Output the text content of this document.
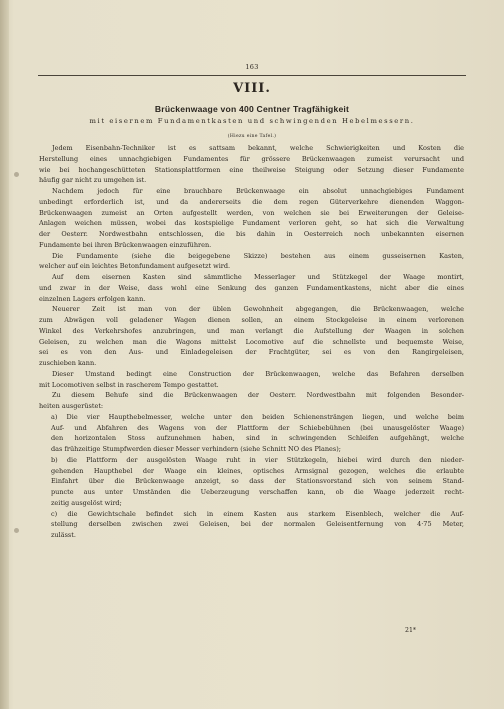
163
VIII.
Brückenwaage von 400 Centner Tragfähigkeit
mit eisernem Fundamentkasten und schwingenden Hebelmessern.
(Hiezu eine Tafel.)
Jedem Eisenbahn-Techniker ist es sattsam bekannt, welche Schwierigkeiten und Kosten die
Herstellung eines unnachgiebigen Fundamentes für grössere Brückenwaagen zumeist verursacht und
wie bei hochangeschütteten Stationsplattformen eine theilweise Steigung oder Setzung dieser Fundamente
häufig gar nicht zu umgehen ist.
Nachdem jedoch für eine brauchbare Brückenwaage ein absolut unnachgiebiges Fundament
unbedingt erforderlich ist, und da andererseits die dem regen Güterverkehre dienenden Waggon-
Brückenwaagen zumeist an Orten aufgestellt werden, von welchen sie bei Erweiterungen der Geleise-
Anlagen weichen müssen, wobei das kostspielige Fundament verloren geht, so hat sich die Verwaltung
der Oesterr. Nordwestbahn entschlossen, die bis dahin in Oesterreich noch unbekannten eisernen
Fundamente bei ihren Brückenwaagen einzuführen.
Die Fundamente (siehe die beigegebene Skizze) bestehen aus einem gusseisernen Kasten,
welcher auf ein leichtes Betonfundament aufgesetzt wird.
Auf dem eisernen Kasten sind sämmtliche Messerlager und Stützkegel der Waage montirt,
und zwar in der Weise, dass wohl eine Senkung des ganzen Fundamentkastens, nicht aber die eines
einzelnen Lagers erfolgen kann.
Neuerer Zeit ist man von der üblen Gewohnheit abgegangen, die Brückenwaagen, welche
zum Abwägen voll geladener Wagen dienen sollen, an einem Stockgeleise in einem verlorenen
Winkel des Verkehrshofes anzubringen, und man verlangt die Aufstellung der Waagen in solchen
Geleisen, zu welchen man die Wagons mittelst Locomotive auf die schnellste und bequemste Weise,
sei es von den Aus- und Einladegeleisen der Frachtgüter, sei es von den Rangirgeleisen,
zuschieben kann.
Dieser Umstand bedingt eine Construction der Brückenwaagen, welche das Befahren derselben
mit Locomotiven selbst in rascherem Tempo gestattet.
Zu diesem Behufe sind die Brückenwaagen der Oesterr. Nordwestbahn mit folgenden Besonder-
heiten ausgerüstet:
a) Die vier Haupthebelmesser, welche unter den beiden Schienensträngen liegen, und welche beim
Auf- und Abfahren des Wagens von der Plattform der Schiebebühnen (bei unausgelöster Waage)
den horizontalen Stoss aufzunehmen haben, sind in schwingenden Schleifen aufgehängt, welche
das frühzeitige Stumpfwerden dieser Messer verhindern (siehe Schnitt NO des Planes);
b) die Plattform der ausgelösten Waage ruht in vier Stützkegeln, hiebei wird durch den nieder-
gehenden Haupthebel der Waage ein kleines, optisches Armsignal gezogen, welches die erlaubte
Einfahrt über die Brückenwaage anzeigt, so dass der Stationsvorstand sich von seinem Stand-
puncte aus unter Umständen die Ueberzeugung verschaffen kann, ob die Waage jederzeit recht-
zeitig ausgelöst wird;
c) die Gewichtschale befindet sich in einem Kasten aus starkem Eisenblech, welcher die Auf-
stellung derselben zwischen zwei Geleisen, bei der normalen Geleisentfernung von 4·75 Meter,
zulässt.
21*
